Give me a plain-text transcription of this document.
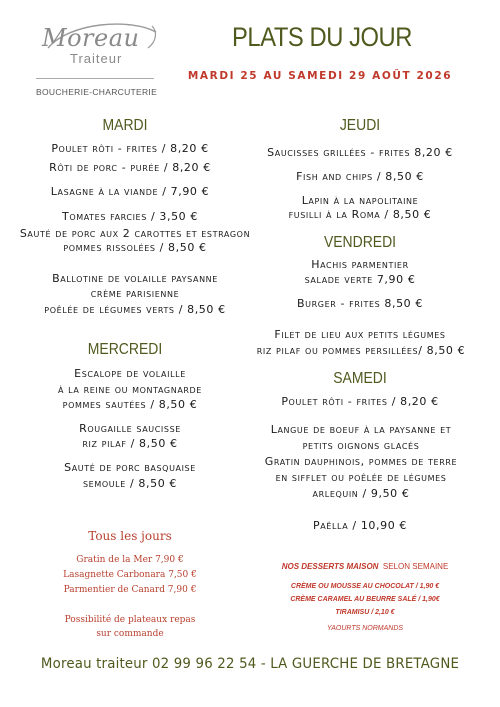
Moreau
Traiteur
BOUCHERIE-CHARCUTERIE
PLATS DU JOUR
MARDI 25 AU SAMEDI 29 AOÛT 2026
MARDI
Poulet rôti - frites / 8,20 €
Rôti de porc - purée / 8,20 €
Lasagne à la viande / 7,90 €
Tomates farcies / 3,50 €
Sauté de porc aux 2 carottes et estragon
pommes rissolées / 8,50 €
Ballotine de volaille paysanne
crème parisienne
poêlée de légumes verts / 8,50 €
MERCREDI
Escalope de volaille
à la reine ou montagnarde
pommes sautées / 8,50 €
Rougaille saucisse
riz pilaf / 8,50 €
Sauté de porc basquaise
semoule / 8,50 €
JEUDI
Saucisses grillées - frites 8,20 €
Fish and chips / 8,50 €
Lapin à la napolitaine
fusilli à la Roma / 8,50 €
VENDREDI
Hachis parmentier
salade verte 7,90 €
Burger - frites 8,50 €
Filet de lieu aux petits légumes
riz pilaf ou pommes persillées/ 8,50 €
SAMEDI
Poulet rôti - frites / 8,20 €
Langue de boeuf à la paysanne et
petits oignons glacés
Gratin dauphinois, pommes de terre
en sifflet ou poêlée de légumes
arlequin / 9,50 €
Paëlla / 10,90 €
Tous les jours
Gratin de la Mer 7,90 €
Lasagnette Carbonara 7,50 €
Parmentier de Canard 7,90 €
Possibilité de plateaux repas
sur commande
NOS DESSERTS MAISON SELON SEMAINE
CRÈME OU MOUSSE AU CHOCOLAT / 1,90 €
CRÈME CARAMEL AU BEURRE SALÉ / 1,90€
TIRAMISU / 2,10 €
YAOURTS NORMANDS
Moreau traiteur 02 99 96 22 54 - LA GUERCHE DE BRETAGNE
